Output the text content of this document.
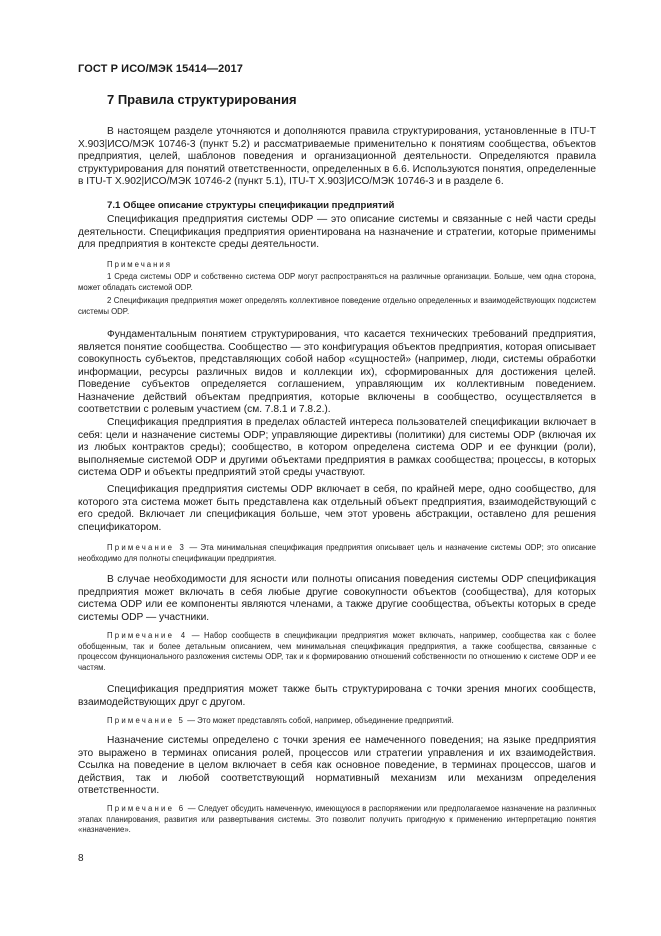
ГОСТ Р ИСО/МЭК 15414—2017
7 Правила структурирования

В настоящем разделе уточняются и дополняются правила структурирования, установленные в ITU-T X.903|ИСО/МЭК 10746-3 (пункт 5.2) и рассматриваемые применительно к понятиям сообщества, объектов предприятия, целей, шаблонов поведения и организационной деятельности. Определяются правила структурирования для понятий ответственности, определенных в 6.6. Используются понятия, определенные в ITU-T X.902|ИСО/МЭК 10746-2 (пункт 5.1), ITU-T X.903|ИСО/МЭК 10746-3 и в разделе 6.

7.1 Общее описание структуры спецификации предприятий

Спецификация предприятия системы ODP — это описание системы и связанные с ней части среды деятельности. Спецификация предприятия ориентирована на назначение и стратегии, которые применимы для предприятия в контексте среды деятельности.

Примечания

1 Среда системы ODP и собственно система ODP могут распространяться на различные организации. Больше, чем одна сторона, может обладать системой ODP.

2 Спецификация предприятия может определять коллективное поведение отдельно определенных и взаимодействующих подсистем системы ODP.

Фундаментальным понятием структурирования, что касается технических требований предприятия, является понятие сообщества. Сообщество — это конфигурация объектов предприятия, которая описывает совокупность субъектов, представляющих собой набор «сущностей» (например, люди, системы обработки информации, ресурсы различных видов и коллекции их), сформированных для достижения целей. Поведение субъектов определяется соглашением, управляющим их коллективным поведением. Назначение действий объектам предприятия, которые включены в сообщество, осуществляется в соответствии с ролевым участием (см. 7.8.1 и 7.8.2.).

Спецификация предприятия в пределах областей интереса пользователей спецификации включает в себя: цели и назначение системы ODP; управляющие директивы (политики) для системы ODP (включая их из любых контрактов среды); сообщество, в котором определена система ODP и ее функции (роли), выполняемые системой ODP и другими объектами предприятия в рамках сообщества; процессы, в которых система ODP и объекты предприятий этой среды участвуют.

Спецификация предприятия системы ODP включает в себя, по крайней мере, одно сообщество, для которого эта система может быть представлена как отдельный объект предприятия, взаимодействующий с его средой. Включает ли спецификация больше, чем этот уровень абстракции, оставлено для решения спецификатором.

Примечание 3 — Эта минимальная спецификация предприятия описывает цель и назначение системы ODP; это описание необходимо для полноты спецификации предприятия.

В случае необходимости для ясности или полноты описания поведения системы ODP спецификация предприятия может включать в себя любые другие совокупности объектов (сообщества), для которых система ODP или ее компоненты являются членами, а также другие сообщества, объекты которых в среде системы ODP — участники.

Примечание 4 — Набор сообществ в спецификации предприятия может включать, например, сообщества как с более обобщенным, так и более детальным описанием, чем минимальная спецификация предприятия, а также сообщества, связанные с процессом функционального разложения системы ODP, так и к формированию отношений собственности по отношению к системе ODP и ее частям.

Спецификация предприятия может также быть структурирована с точки зрения многих сообществ, взаимодействующих друг с другом.

Примечание 5 — Это может представлять собой, например, объединение предприятий.

Назначение системы определено с точки зрения ее намеченного поведения; на языке предприятия это выражено в терминах описания ролей, процессов или стратегии управления и их взаимодействия. Ссылка на поведение в целом включает в себя как основное поведение, в терминах процессов, шагов и действия, так и любой соответствующий нормативный механизм или механизм определения ответственности.

Примечание 6 — Следует обсудить намеченную, имеющуюся в распоряжении или предполагаемое назначение на различных этапах планирования, развития или развертывания системы. Это позволит получить пригодную к применению интерпретацию понятия «назначение».

8
